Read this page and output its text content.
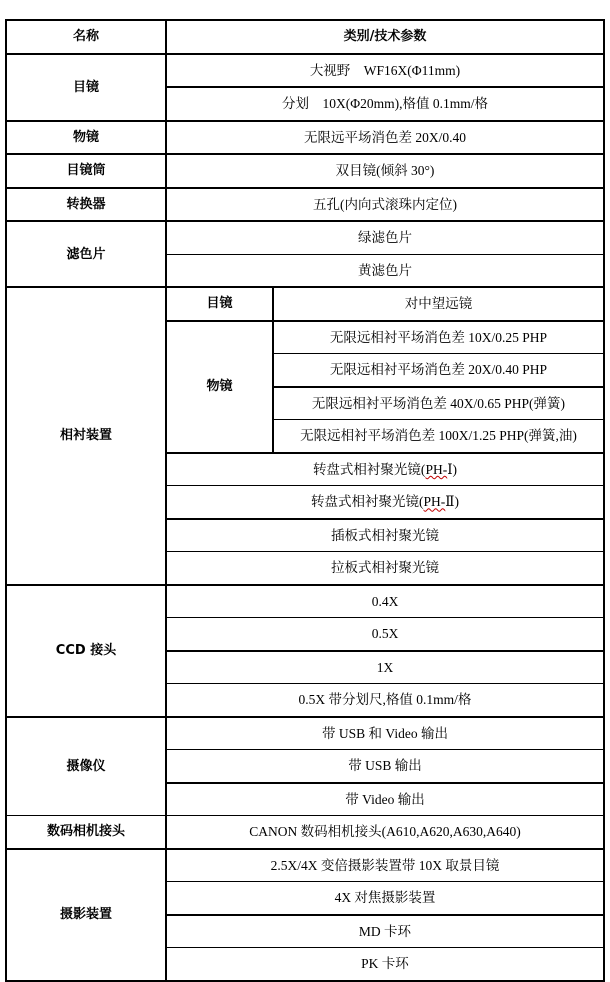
名称	类别/技术参数	
目镜	大视野　WF16X(Φ11mm)	
	分划　10X(Φ20mm),格值 0.1mm/格	
物镜	无限远平场消色差 20X/0.40	
目镜筒	双目镜(倾斜 30°)	
转换器	五孔(内向式滚珠内定位)	
滤色片	绿滤色片	
	黄滤色片	
相衬装置	目镜	对中望远镜
	物镜	无限远相衬平场消色差 10X/0.25 PHP
		无限远相衬平场消色差 20X/0.40 PHP
		无限远相衬平场消色差 40X/0.65 PHP(弹簧)
		无限远相衬平场消色差 100X/1.25 PHP(弹簧,油)
	转盘式相衬聚光镜(PH-Ⅰ)	
	转盘式相衬聚光镜(PH-Ⅱ)	
	插板式相衬聚光镜	
	拉板式相衬聚光镜	
CCD 接头	0.4X	
	0.5X	
	1X	
	0.5X 带分划尺,格值 0.1mm/格	
摄像仪	带 USB 和 Video 输出	
	带 USB 输出	
	带 Video 输出	
数码相机接头	CANON 数码相机接头(A610,A620,A630,A640)	
摄影装置	2.5X/4X 变倍摄影装置带 10X 取景目镜	
	4X 对焦摄影装置	
	MD 卡环	
	PK 卡环	
